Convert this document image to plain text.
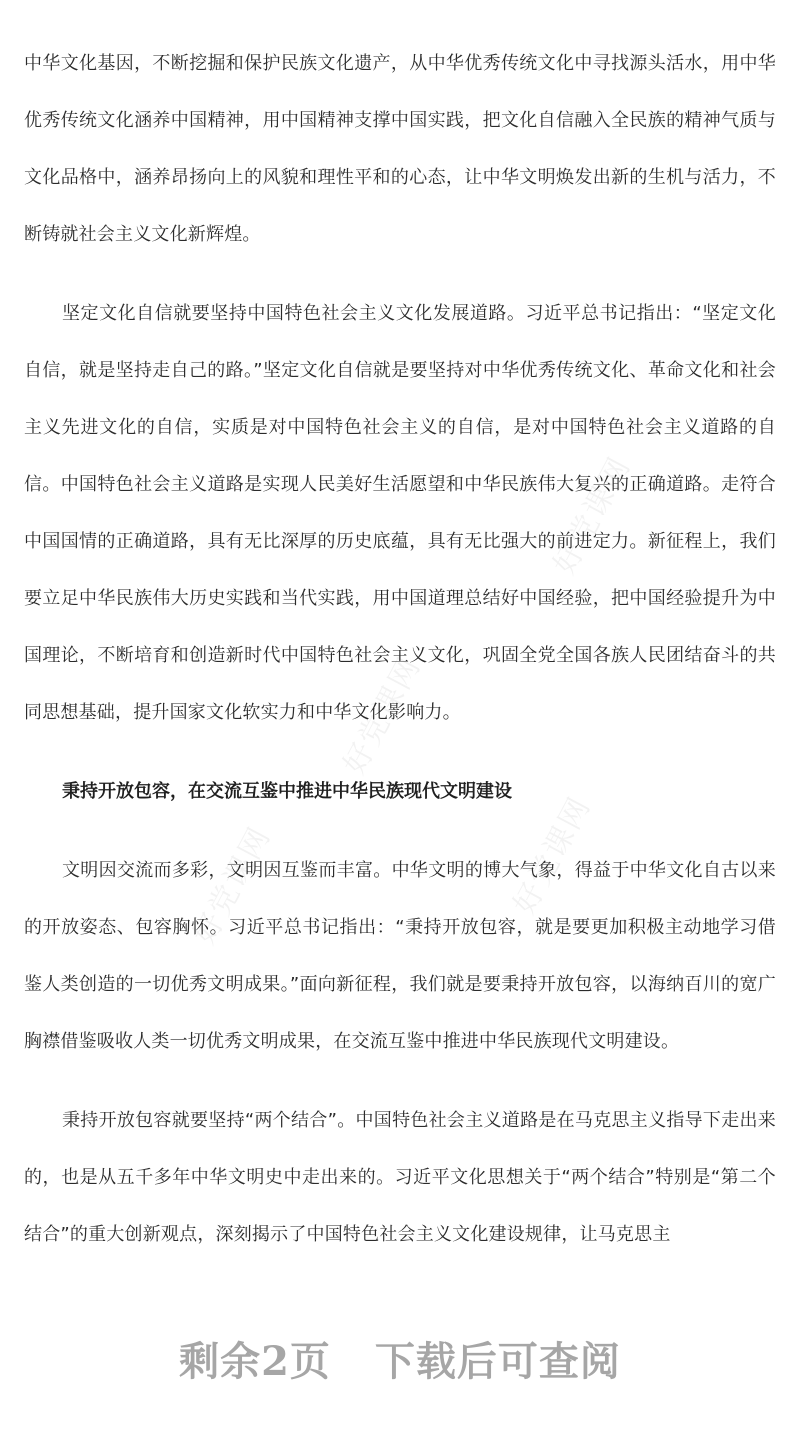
好党课网
好党课网
好党课网	好党课网

中华文化基因，不断挖掘和保护民族文化遗产，从中华优秀传统文化中寻找源头活水，用中华优秀传统文化涵养中国精神，用中国精神支撑中国实践，把文化自信融入全民族的精神气质与文化品格中，涵养昂扬向上的风貌和理性平和的心态，让中华文明焕发出新的生机与活力，不断铸就社会主义文化新辉煌。

坚定文化自信就要坚持中国特色社会主义文化发展道路。习近平总书记指出：“坚定文化自信，就是坚持走自己的路。”坚定文化自信就是要坚持对中华优秀传统文化、革命文化和社会主义先进文化的自信，实质是对中国特色社会主义的自信，是对中国特色社会主义道路的自信。中国特色社会主义道路是实现人民美好生活愿望和中华民族伟大复兴的正确道路。走符合中国国情的正确道路，具有无比深厚的历史底蕴，具有无比强大的前进定力。新征程上，我们要立足中华民族伟大历史实践和当代实践，用中国道理总结好中国经验，把中国经验提升为中国理论，不断培育和创造新时代中国特色社会主义文化，巩固全党全国各族人民团结奋斗的共同思想基础，提升国家文化软实力和中华文化影响力。

秉持开放包容，在交流互鉴中推进中华民族现代文明建设

文明因交流而多彩，文明因互鉴而丰富。中华文明的博大气象，得益于中华文化自古以来的开放姿态、包容胸怀。习近平总书记指出：“秉持开放包容，就是要更加积极主动地学习借鉴人类创造的一切优秀文明成果。”面向新征程，我们就是要秉持开放包容，以海纳百川的宽广胸襟借鉴吸收人类一切优秀文明成果，在交流互鉴中推进中华民族现代文明建设。

秉持开放包容就要坚持“两个结合”。中国特色社会主义道路是在马克思主义指导下走出来的，也是从五千多年中华文明史中走出来的。习近平文化思想关于“两个结合”特别是“第二个结合”的重大创新观点，深刻揭示了中国特色社会主义文化建设规律，让马克思主

剩余2页 下载后可查阅
